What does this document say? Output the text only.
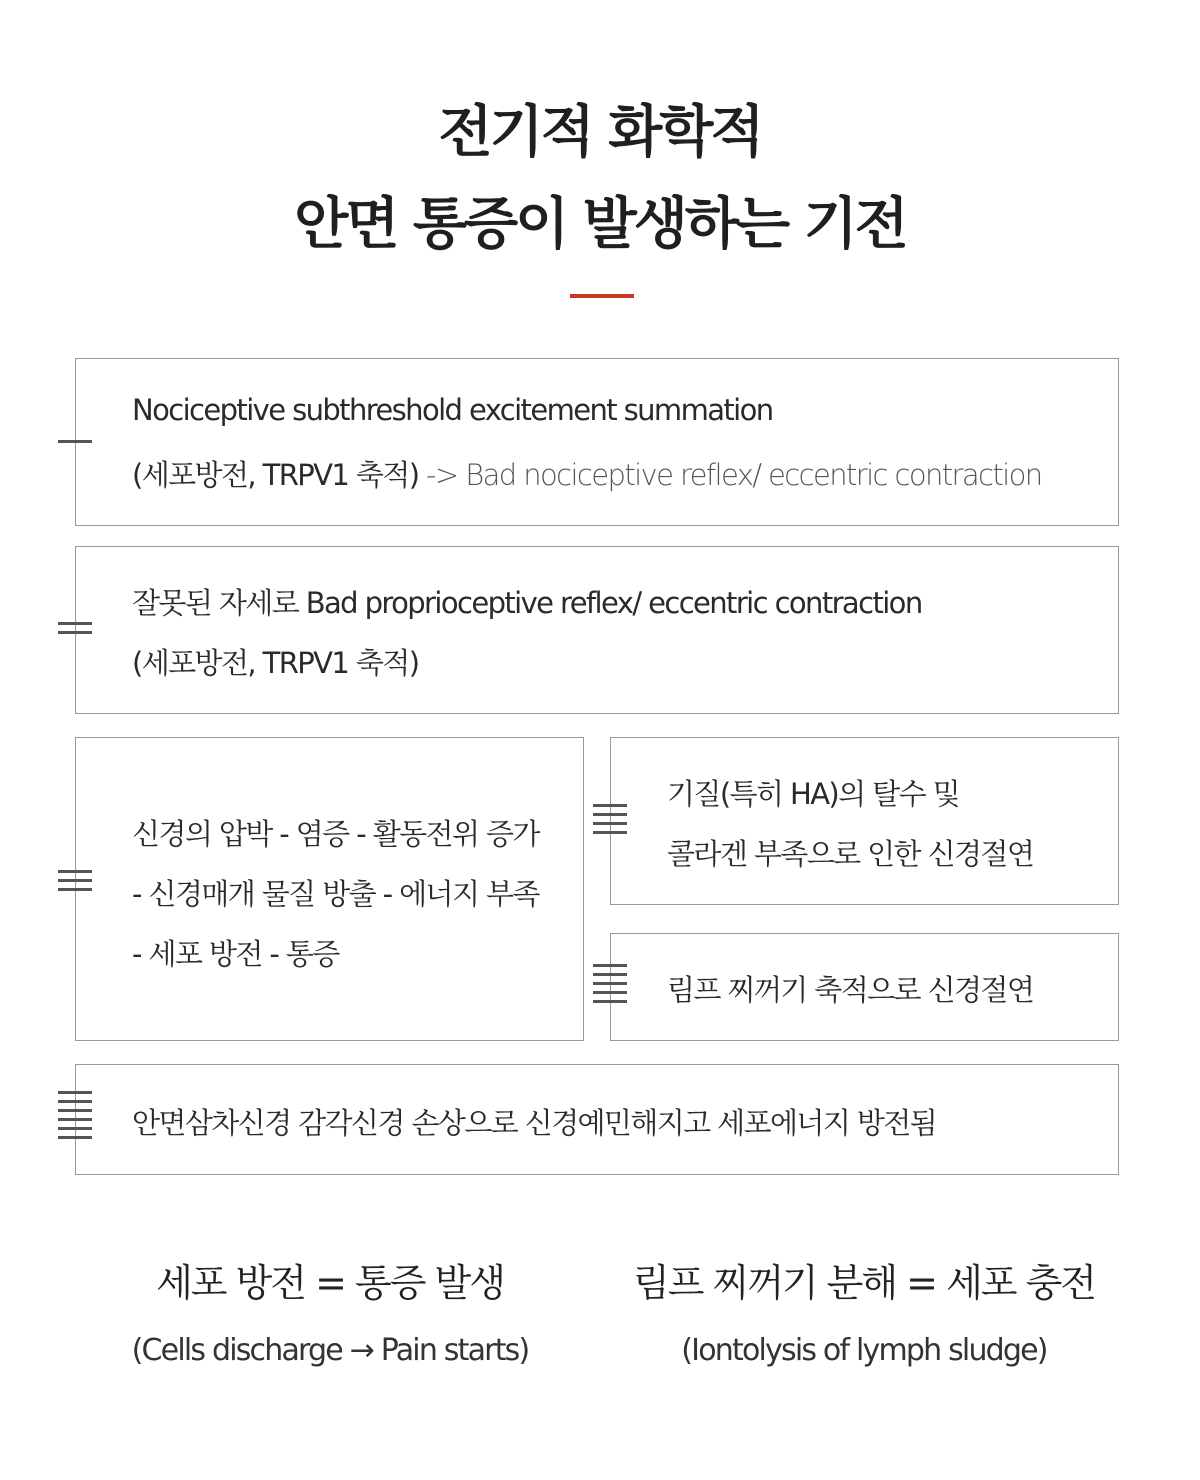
전기적 화학적
안면 통증이 발생하는 기전
Nociceptive subthreshold excitement summation
(세포방전, TRPV1 축적) -> Bad nociceptive reflex/ eccentric contraction
잘못된 자세로 Bad proprioceptive reflex/ eccentric contraction
(세포방전, TRPV1 축적)
신경의 압박 - 염증 - 활동전위 증가
- 신경매개 물질 방출 - 에너지 부족
- 세포 방전 - 통증
기질(특히 HA)의 탈수 및
콜라겐 부족으로 인한 신경절연
림프 찌꺼기 축적으로 신경절연
안면삼차신경 감각신경 손상으로 신경예민해지고 세포에너지 방전됨
세포 방전 = 통증 발생
(Cells discharge → Pain starts)
림프 찌꺼기 분해 = 세포 충전
(Iontolysis of lymph sludge)
